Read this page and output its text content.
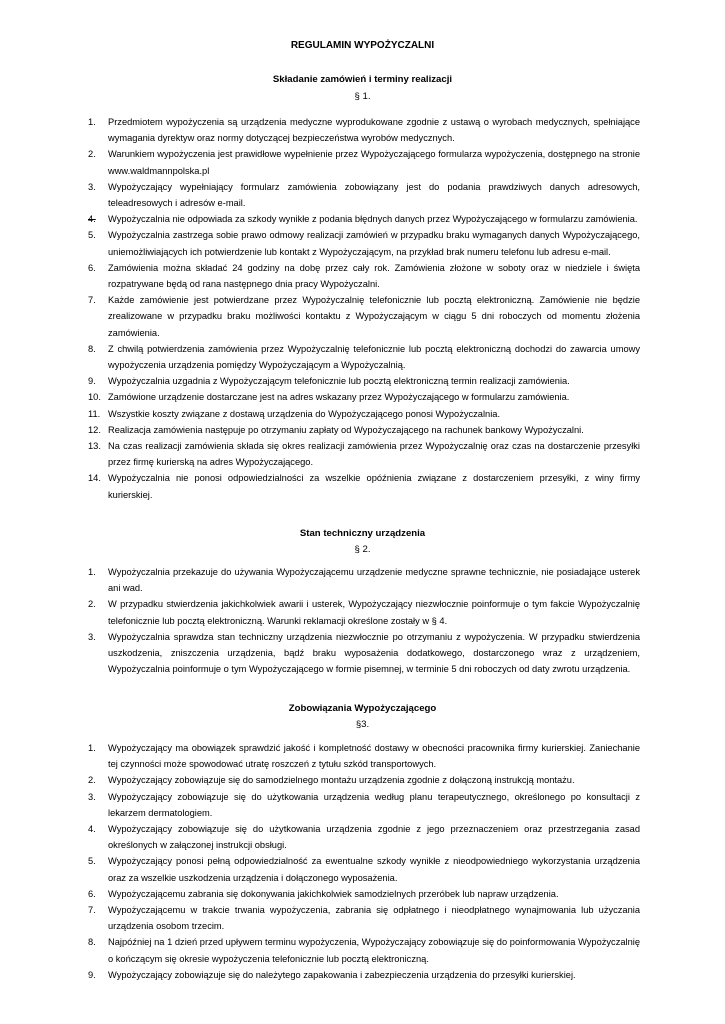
REGULAMIN WYPOŻYCZALNI
Składanie zamówień i terminy realizacji
§ 1.
1. Przedmiotem wypożyczenia są urządzenia medyczne wyprodukowane zgodnie z ustawą o wyrobach medycznych, spełniające wymagania dyrektyw oraz normy dotyczącej bezpieczeństwa wyrobów medycznych.
2. Warunkiem wypożyczenia jest prawidłowe wypełnienie przez Wypożyczającego formularza wypożyczenia, dostępnego na stronie www.waldmannpolska.pl
3. Wypożyczający wypełniający formularz zamówienia zobowiązany jest do podania prawdziwych danych adresowych, teleadresowych i adresów e-mail.
4. Wypożyczalnia nie odpowiada za szkody wynikłe z podania błędnych danych przez Wypożyczającego w formularzu zamówienia.
5. Wypożyczalnia zastrzega sobie prawo odmowy realizacji zamówień w przypadku braku wymaganych danych Wypożyczającego, uniemożliwiających ich potwierdzenie lub kontakt z Wypożyczającym, na przykład brak numeru telefonu lub adresu e-mail.
6. Zamówienia można składać 24 godziny na dobę przez cały rok. Zamówienia złożone w soboty oraz w niedziele i święta rozpatrywane będą od rana następnego dnia pracy Wypożyczalni.
7. Każde zamówienie jest potwierdzane przez Wypożyczalnię telefonicznie lub pocztą elektroniczną. Zamówienie nie będzie zrealizowane w przypadku braku możliwości kontaktu z Wypożyczającym w ciągu 5 dni roboczych od momentu złożenia zamówienia.
8. Z chwilą potwierdzenia zamówienia przez Wypożyczalnię telefonicznie lub pocztą elektroniczną dochodzi do zawarcia umowy wypożyczenia urządzenia pomiędzy Wypożyczającym a Wypożyczalnią.
9. Wypożyczalnia uzgadnia z Wypożyczającym telefonicznie lub pocztą elektroniczną termin realizacji zamówienia.
10. Zamówione urządzenie dostarczane jest na adres wskazany przez Wypożyczającego w formularzu zamówienia.
11. Wszystkie koszty związane z dostawą urządzenia do Wypożyczającego ponosi Wypożyczalnia.
12. Realizacja zamówienia następuje po otrzymaniu zapłaty od Wypożyczającego na rachunek bankowy Wypożyczalni.
13. Na czas realizacji zamówienia składa się okres realizacji zamówienia przez Wypożyczalnię oraz czas na dostarczenie przesyłki przez firmę kurierską na adres Wypożyczającego.
14. Wypożyczalnia nie ponosi odpowiedzialności za wszelkie opóźnienia związane z dostarczeniem przesyłki, z winy firmy kurierskiej.
Stan techniczny urządzenia
§ 2.
1. Wypożyczalnia przekazuje do używania Wypożyczającemu urządzenie medyczne sprawne technicznie, nie posiadające usterek ani wad.
2. W przypadku stwierdzenia jakichkolwiek awarii i usterek, Wypożyczający niezwłocznie poinformuje o tym fakcie Wypożyczalnię telefonicznie lub pocztą elektroniczną. Warunki reklamacji określone zostały w § 4.
3. Wypożyczalnia sprawdza stan techniczny urządzenia niezwłocznie po otrzymaniu z wypożyczenia. W przypadku stwierdzenia uszkodzenia, zniszczenia urządzenia, bądź braku wyposażenia dodatkowego, dostarczonego wraz z urządzeniem, Wypożyczalnia poinformuje o tym Wypożyczającego w formie pisemnej, w terminie 5 dni roboczych od daty zwrotu urządzenia.
Zobowiązania Wypożyczającego
§3.
1. Wypożyczający ma obowiązek sprawdzić jakość i kompletność dostawy w obecności pracownika firmy kurierskiej. Zaniechanie tej czynności może spowodować utratę roszczeń z tytułu szkód transportowych.
2. Wypożyczający zobowiązuje się do samodzielnego montażu urządzenia zgodnie z dołączoną instrukcją montażu.
3. Wypożyczający zobowiązuje się do użytkowania urządzenia według planu terapeutycznego, określonego po konsultacji z lekarzem dermatologiem.
4. Wypożyczający zobowiązuje się do użytkowania urządzenia zgodnie z jego przeznaczeniem oraz przestrzegania zasad określonych w załączonej instrukcji obsługi.
5. Wypożyczający ponosi pełną odpowiedzialność za ewentualne szkody wynikłe z nieodpowiedniego wykorzystania urządzenia oraz za wszelkie uszkodzenia urządzenia i dołączonego wyposażenia.
6. Wypożyczającemu zabrania się dokonywania jakichkolwiek samodzielnych przeróbek lub napraw urządzenia.
7. Wypożyczającemu w trakcie trwania wypożyczenia, zabrania się odpłatnego i nieodpłatnego wynajmowania lub użyczania urządzenia osobom trzecim.
8. Najpóźniej na 1 dzień przed upływem terminu wypożyczenia, Wypożyczający zobowiązuje się do poinformowania Wypożyczalnię o kończącym się okresie wypożyczenia telefonicznie lub pocztą elektroniczną.
9. Wypożyczający zobowiązuje się do należytego zapakowania i zabezpieczenia urządzenia do przesyłki kurierskiej.
